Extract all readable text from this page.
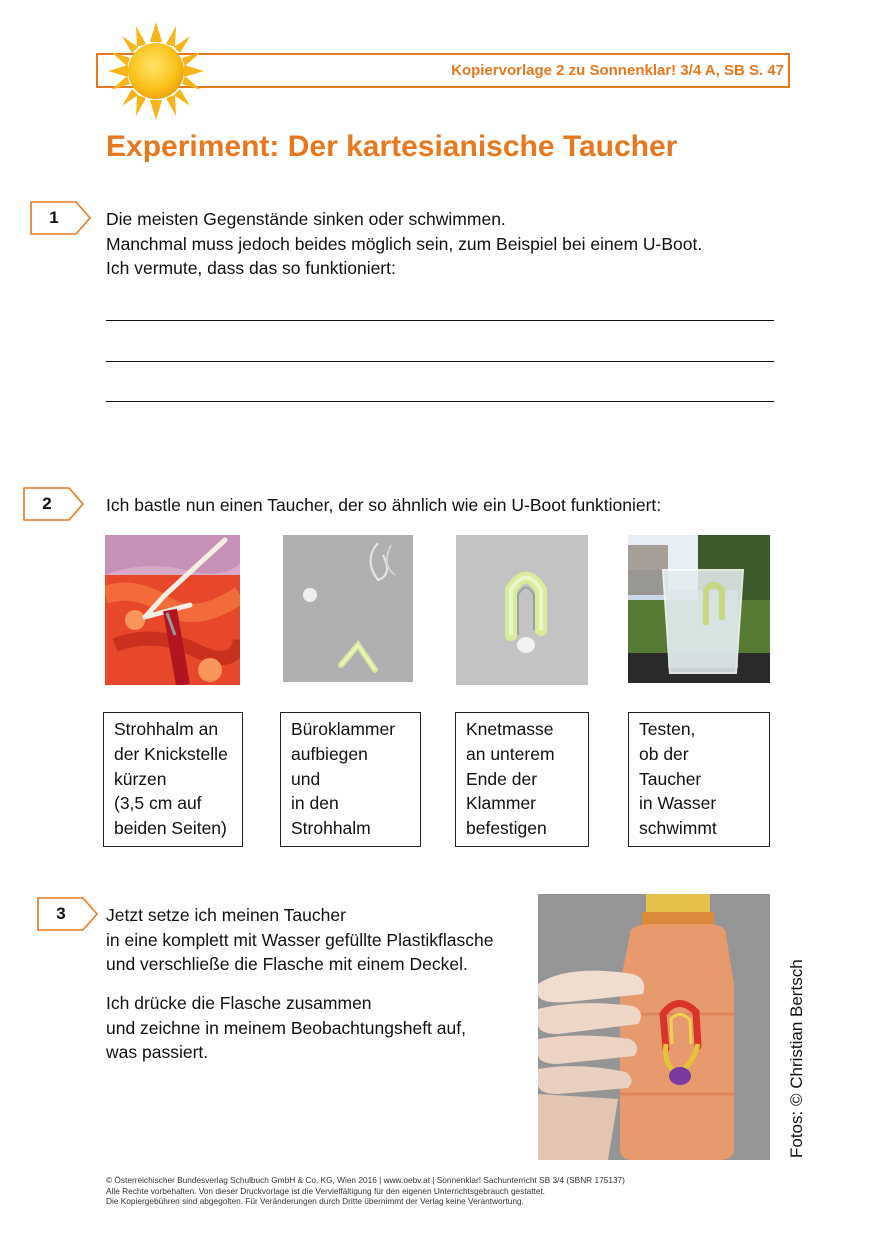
Kopiervorlage 2 zu Sonnenklar! 3/4 A, SB S. 47
Experiment: Der kartesianische Taucher
1	Die meisten Gegenstände sinken oder schwimmen.
Manchmal muss jedoch beides möglich sein, zum Beispiel bei einem U-Boot.
Ich vermute, dass das so funktioniert:
2	Ich bastle nun einen Taucher, der so ähnlich wie ein U-Boot funktioniert:
Strohhalm an
der Knickstelle
kürzen
(3,5 cm auf
beiden Seiten)
Büroklammer
aufbiegen
und
in den
Strohhalm
Knetmasse
an unterem
Ende der
Klammer
befestigen
Testen,
ob der
Taucher
in Wasser
schwimmt
3	Jetzt setze ich meinen Taucher
in eine komplett mit Wasser gefüllte Plastikflasche
und verschließe die Flasche mit einem Deckel.
Ich drücke die Flasche zusammen
und zeichne in meinem Beobachtungsheft auf,
was passiert.	Fotos: © Christian Bertsch
© Österreichischer Bundesverlag Schulbuch GmbH & Co. KG, Wien 2016 | www.oebv.at | Sonnenklar! Sachunterricht SB 3/4 (SBNR 175137)
Alle Rechte vorbehalten. Von dieser Druckvorlage ist die Vervielfältigung für den eigenen Unterrichtsgebrauch gestattet.
Die Kopiergebühren sind abgegolten. Für Veränderungen durch Dritte übernimmt der Verlag keine Verantwortung.
